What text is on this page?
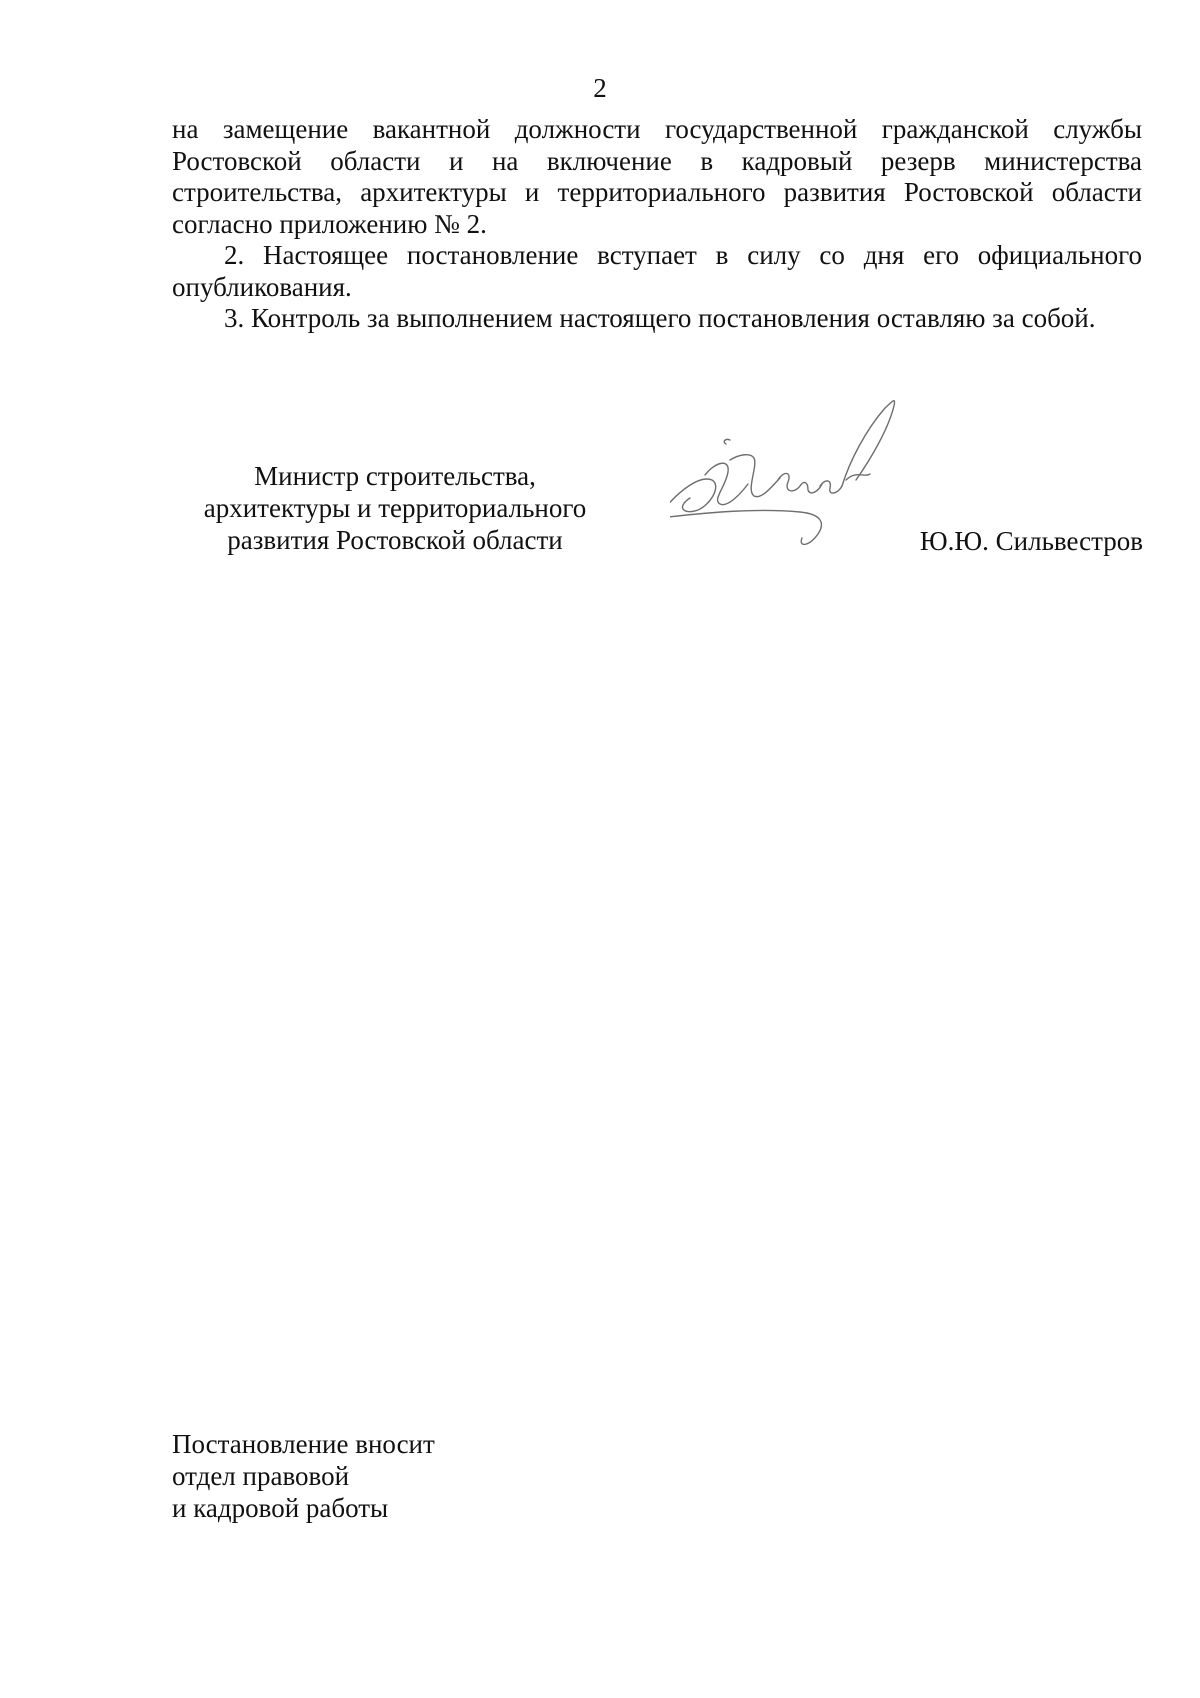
2

на замещение вакантной должности государственной гражданской службы Ростовской области и на включение в кадровый резерв министерства строительства, архитектуры и территориального развития Ростовской области согласно приложению № 2.

2. Настоящее постановление вступает в силу со дня его официального опубликования.

3. Контроль за выполнением настоящего постановления оставляю за собой.

Министр строительства,
архитектуры и территориального
развития Ростовской области	Ю.Ю. Сильвестров
Постановление вносит
отдел правовой
и кадровой работы
